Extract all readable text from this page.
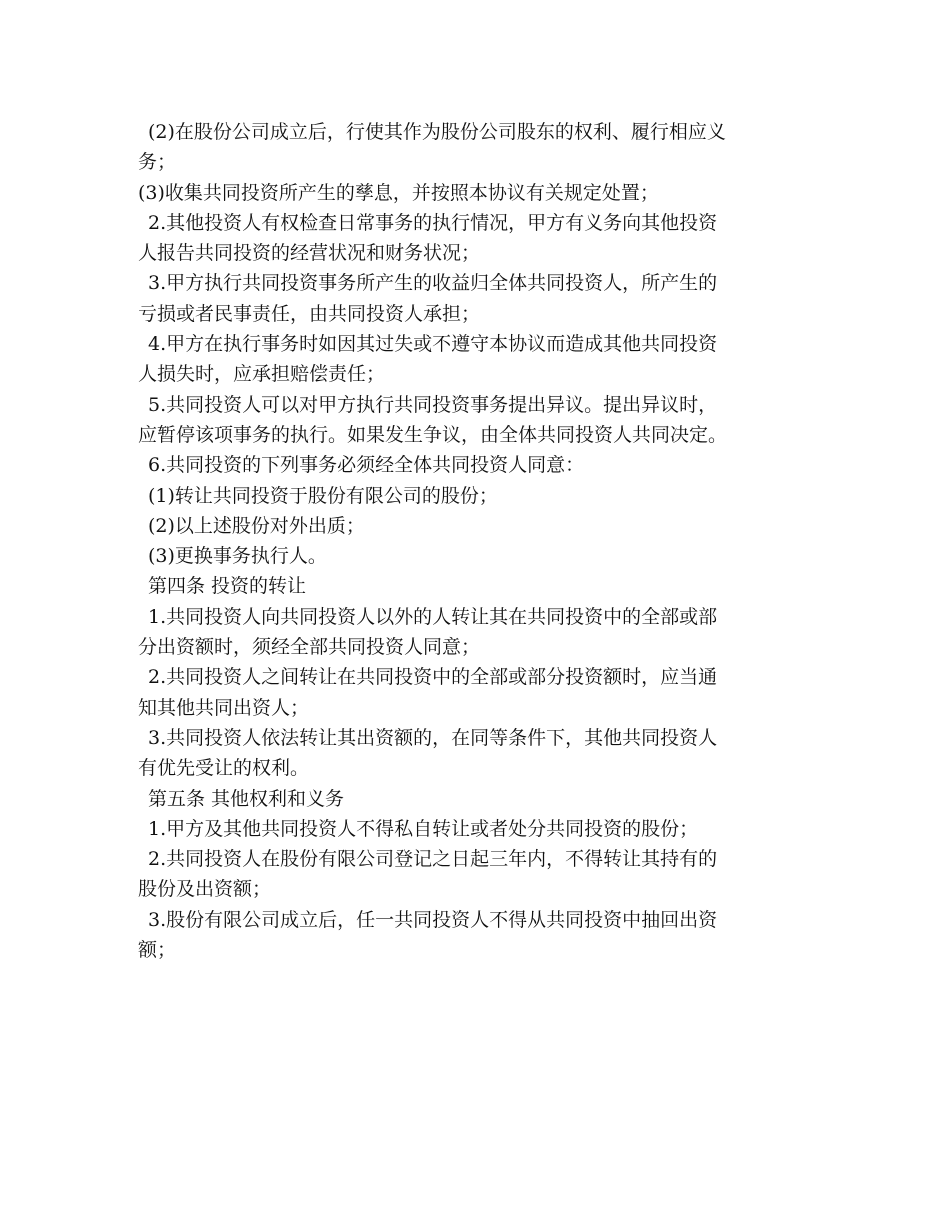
(2)在股份公司成立后，行使其作为股份公司股东的权利、履行相应义
务；
(3)收集共同投资所产生的孳息，并按照本协议有关规定处置；
2.其他投资人有权检查日常事务的执行情况，甲方有义务向其他投资
人报告共同投资的经营状况和财务状况；
3.甲方执行共同投资事务所产生的收益归全体共同投资人，所产生的
亏损或者民事责任，由共同投资人承担；
4.甲方在执行事务时如因其过失或不遵守本协议而造成其他共同投资
人损失时，应承担赔偿责任；
5.共同投资人可以对甲方执行共同投资事务提出异议。提出异议时，
应暂停该项事务的执行。如果发生争议，由全体共同投资人共同决定。
6.共同投资的下列事务必须经全体共同投资人同意：
(1)转让共同投资于股份有限公司的股份；
(2)以上述股份对外出质；
(3)更换事务执行人。
第四条 投资的转让
1.共同投资人向共同投资人以外的人转让其在共同投资中的全部或部
分出资额时，须经全部共同投资人同意；
2.共同投资人之间转让在共同投资中的全部或部分投资额时，应当通
知其他共同出资人；
3.共同投资人依法转让其出资额的，在同等条件下，其他共同投资人
有优先受让的权利。
第五条 其他权利和义务
1.甲方及其他共同投资人不得私自转让或者处分共同投资的股份；
2.共同投资人在股份有限公司登记之日起三年内，不得转让其持有的
股份及出资额；
3.股份有限公司成立后，任一共同投资人不得从共同投资中抽回出资
额；
